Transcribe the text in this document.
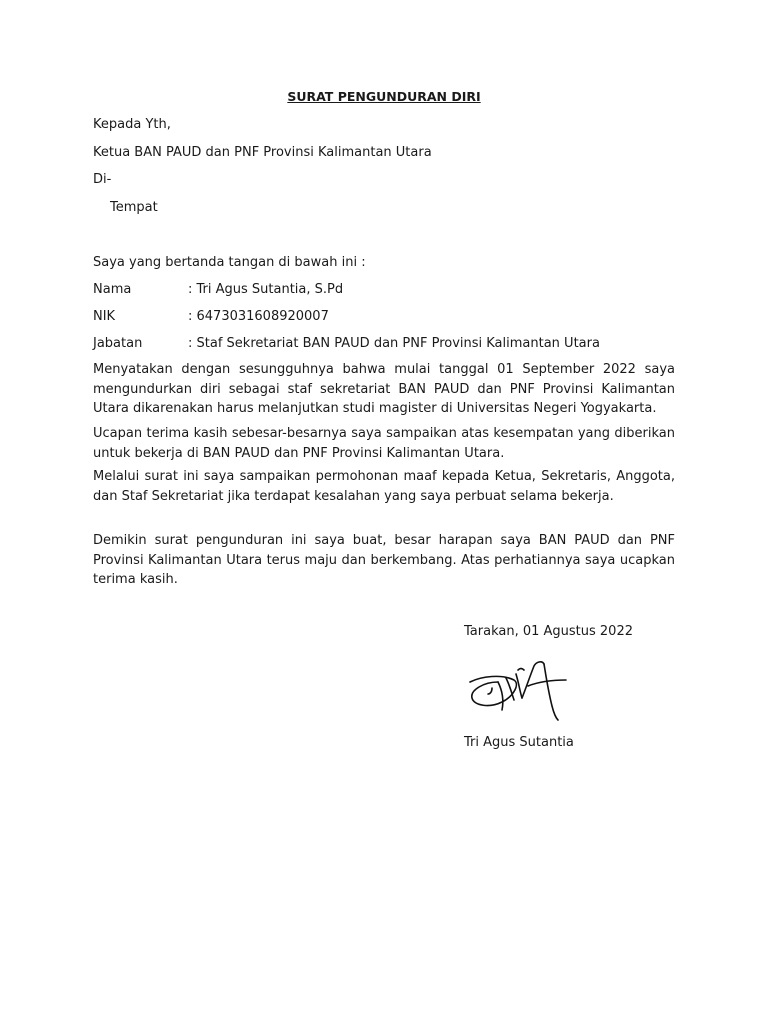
SURAT PENGUNDURAN DIRI
Kepada Yth,
Ketua BAN PAUD dan PNF Provinsi Kalimantan Utara
Di-
Tempat
Saya yang bertanda tangan di bawah ini :
Nama	: Tri Agus Sutantia, S.Pd
NIK	: 6473031608920007
Jabatan	: Staf Sekretariat BAN PAUD dan PNF Provinsi Kalimantan Utara
Menyatakan dengan sesungguhnya bahwa mulai tanggal 01 September 2022 saya mengundurkan diri sebagai staf sekretariat BAN PAUD dan PNF Provinsi Kalimantan Utara dikarenakan harus melanjutkan studi magister di Universitas Negeri Yogyakarta.
Ucapan terima kasih sebesar-besarnya saya sampaikan atas kesempatan yang diberikan untuk bekerja di BAN PAUD dan PNF Provinsi Kalimantan Utara.
Melalui surat ini saya sampaikan permohonan maaf kepada Ketua, Sekretaris, Anggota, dan Staf Sekretariat jika terdapat kesalahan yang saya perbuat selama bekerja.
Demikin surat pengunduran ini saya buat, besar harapan saya BAN PAUD dan PNF Provinsi Kalimantan Utara terus maju dan berkembang. Atas perhatiannya saya ucapkan terima kasih.
Tarakan, 01 Agustus 2022
Tri Agus Sutantia
